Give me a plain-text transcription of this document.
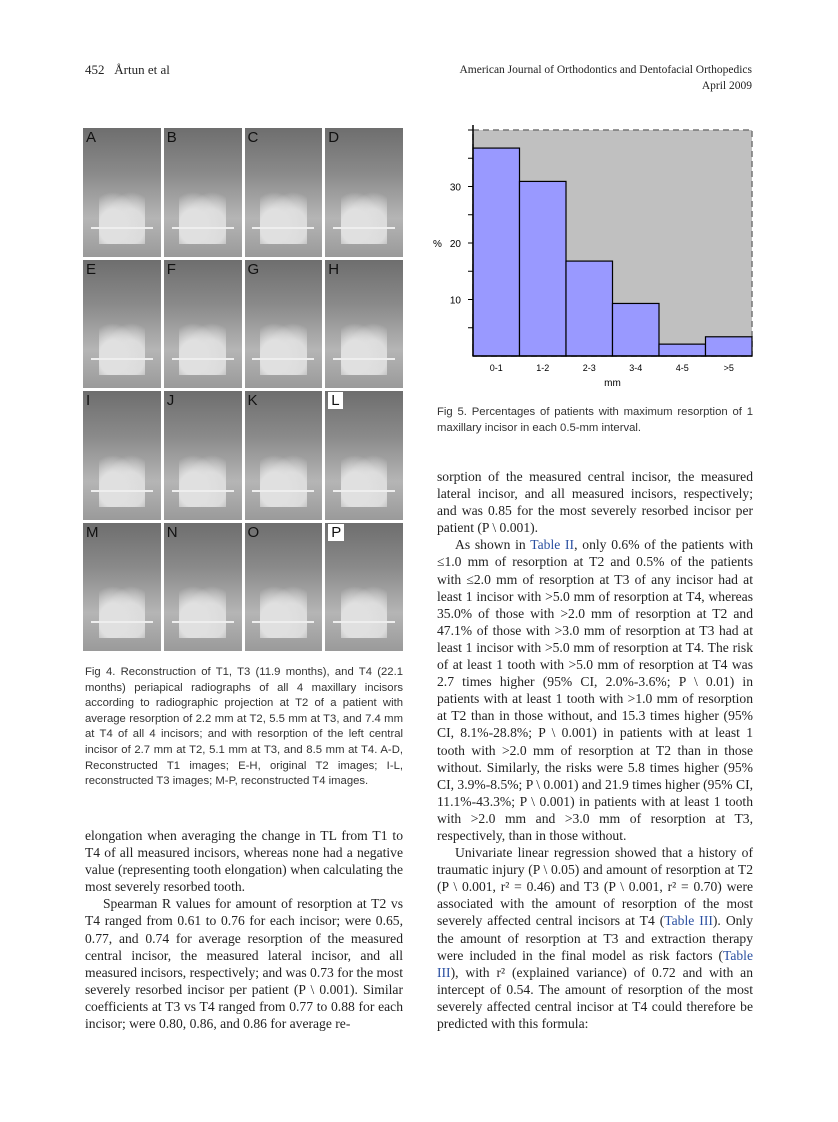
452 Årtun et al	American Journal of Orthodontics and Dentofacial Orthopedics
April 2009
A	B	C	D
E	F	G	H
I	J	K	L
M	N	O	P
Fig 4. Reconstruction of T1, T3 (11.9 months), and T4 (22.1 months) periapical radiographs of all 4 maxillary incisors according to radiographic projection at T2 of a patient with average resorption of 2.2 mm at T2, 5.5 mm at T3, and 7.4 mm at T4 of all 4 incisors; and with resorption of the left central incisor of 2.7 mm at T2, 5.1 mm at T3, and 8.5 mm at T4. A-D, Reconstructed T1 images; E-H, original T2 images; I-L, reconstructed T3 images; M-P, reconstructed T4 images.
0-1	1-2	2-3	3-4	4-5	>5
10
20
30
%
mm
Fig 5. Percentages of patients with maximum resorption of 1 maxillary incisor in each 0.5-mm interval.

elongation when averaging the change in TL from T1 to T4 of all measured incisors, whereas none had a negative value (representing tooth elongation) when calculating the most severely resorbed tooth.

Spearman R values for amount of resorption at T2 vs T4 ranged from 0.61 to 0.76 for each incisor; were 0.65, 0.77, and 0.74 for average resorption of the measured central incisor, the measured lateral incisor, and all measured incisors, respectively; and was 0.73 for the most severely resorbed incisor per patient (P \ 0.001). Similar coefficients at T3 vs T4 ranged from 0.77 to 0.88 for each incisor; were 0.80, 0.86, and 0.86 for average re-

sorption of the measured central incisor, the measured lateral incisor, and all measured incisors, respectively; and was 0.85 for the most severely resorbed incisor per patient (P \ 0.001).

As shown in Table II, only 0.6% of the patients with ≤1.0 mm of resorption at T2 and 0.5% of the patients with ≤2.0 mm of resorption at T3 of any incisor had at least 1 incisor with >5.0 mm of resorption at T4, whereas 35.0% of those with >2.0 mm of resorption at T2 and 47.1% of those with >3.0 mm of resorption at T3 had at least 1 incisor with >5.0 mm of resorption at T4. The risk of at least 1 tooth with >5.0 mm of resorption at T4 was 2.7 times higher (95% CI, 2.0%-3.6%; P \ 0.01) in patients with at least 1 tooth with >1.0 mm of resorption at T2 than in those without, and 15.3 times higher (95% CI, 8.1%-28.8%; P \ 0.001) in patients with at least 1 tooth with >2.0 mm of resorption at T2 than in those without. Similarly, the risks were 5.8 times higher (95% CI, 3.9%-8.5%; P \ 0.001) and 21.9 times higher (95% CI, 11.1%-43.3%; P \ 0.001) in patients with at least 1 tooth with >2.0 mm and >3.0 mm of resorption at T3, respectively, than in those without.

Univariate linear regression showed that a history of traumatic injury (P \ 0.05) and amount of resorption at T2 (P \ 0.001, r² = 0.46) and T3 (P \ 0.001, r² = 0.70) were associated with the amount of resorption of the most severely affected central incisors at T4 (Table III). Only the amount of resorption at T3 and extraction therapy were included in the final model as risk factors (Table III), with r² (explained variance) of 0.72 and with an intercept of 0.54. The amount of resorption of the most severely affected central incisor at T4 could therefore be predicted with this formula:
